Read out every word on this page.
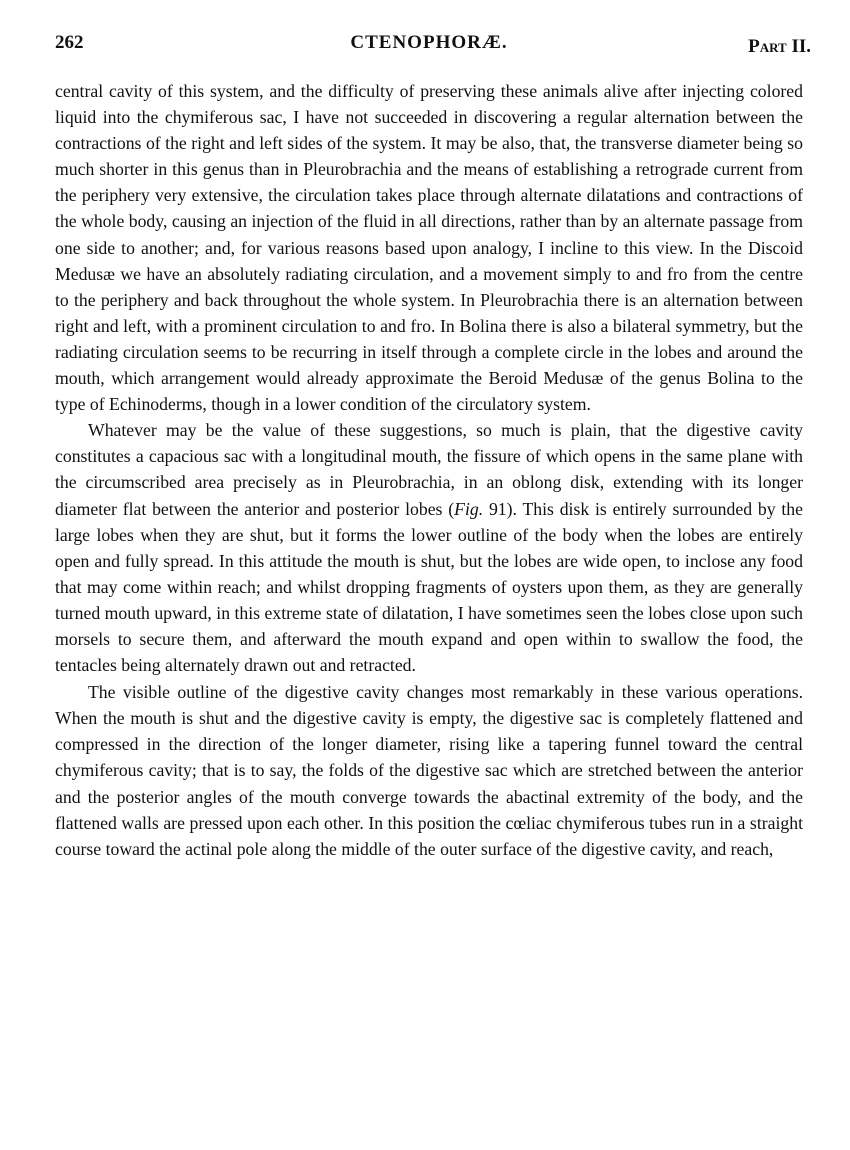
262	CTENOPHORÆ.	Part II.

central cavity of this system, and the difficulty of preserving these animals alive after injecting colored liquid into the chymiferous sac, I have not succeeded in discovering a regular alternation between the contractions of the right and left sides of the system. It may be also, that, the transverse diameter being so much shorter in this genus than in Pleurobrachia and the means of establishing a retrograde current from the periphery very extensive, the circulation takes place through alternate dilatations and contractions of the whole body, causing an injection of the fluid in all directions, rather than by an alternate passage from one side to another; and, for various reasons based upon analogy, I incline to this view. In the Discoid Medusæ we have an absolutely radiating circulation, and a movement simply to and fro from the centre to the periphery and back throughout the whole system. In Pleurobrachia there is an alternation between right and left, with a prominent circulation to and fro. In Bolina there is also a bilateral symmetry, but the radiating circulation seems to be recurring in itself through a complete circle in the lobes and around the mouth, which arrangement would already approximate the Beroid Medusæ of the genus Bolina to the type of Echinoderms, though in a lower condition of the circulatory system.

Whatever may be the value of these suggestions, so much is plain, that the digestive cavity constitutes a capacious sac with a longitudinal mouth, the fissure of which opens in the same plane with the circumscribed area precisely as in Pleurobrachia, in an oblong disk, extending with its longer diameter flat between the anterior and posterior lobes (Fig. 91). This disk is entirely surrounded by the large lobes when they are shut, but it forms the lower outline of the body when the lobes are entirely open and fully spread. In this attitude the mouth is shut, but the lobes are wide open, to inclose any food that may come within reach; and whilst dropping fragments of oysters upon them, as they are generally turned mouth upward, in this extreme state of dilatation, I have sometimes seen the lobes close upon such morsels to secure them, and afterward the mouth expand and open within to swallow the food, the tentacles being alternately drawn out and retracted.

The visible outline of the digestive cavity changes most remarkably in these various operations. When the mouth is shut and the digestive cavity is empty, the digestive sac is completely flattened and compressed in the direction of the longer diameter, rising like a tapering funnel toward the central chymiferous cavity; that is to say, the folds of the digestive sac which are stretched between the anterior and the posterior angles of the mouth converge towards the abactinal extremity of the body, and the flattened walls are pressed upon each other. In this position the cœliac chymiferous tubes run in a straight course toward the actinal pole along the middle of the outer surface of the digestive cavity, and reach,
